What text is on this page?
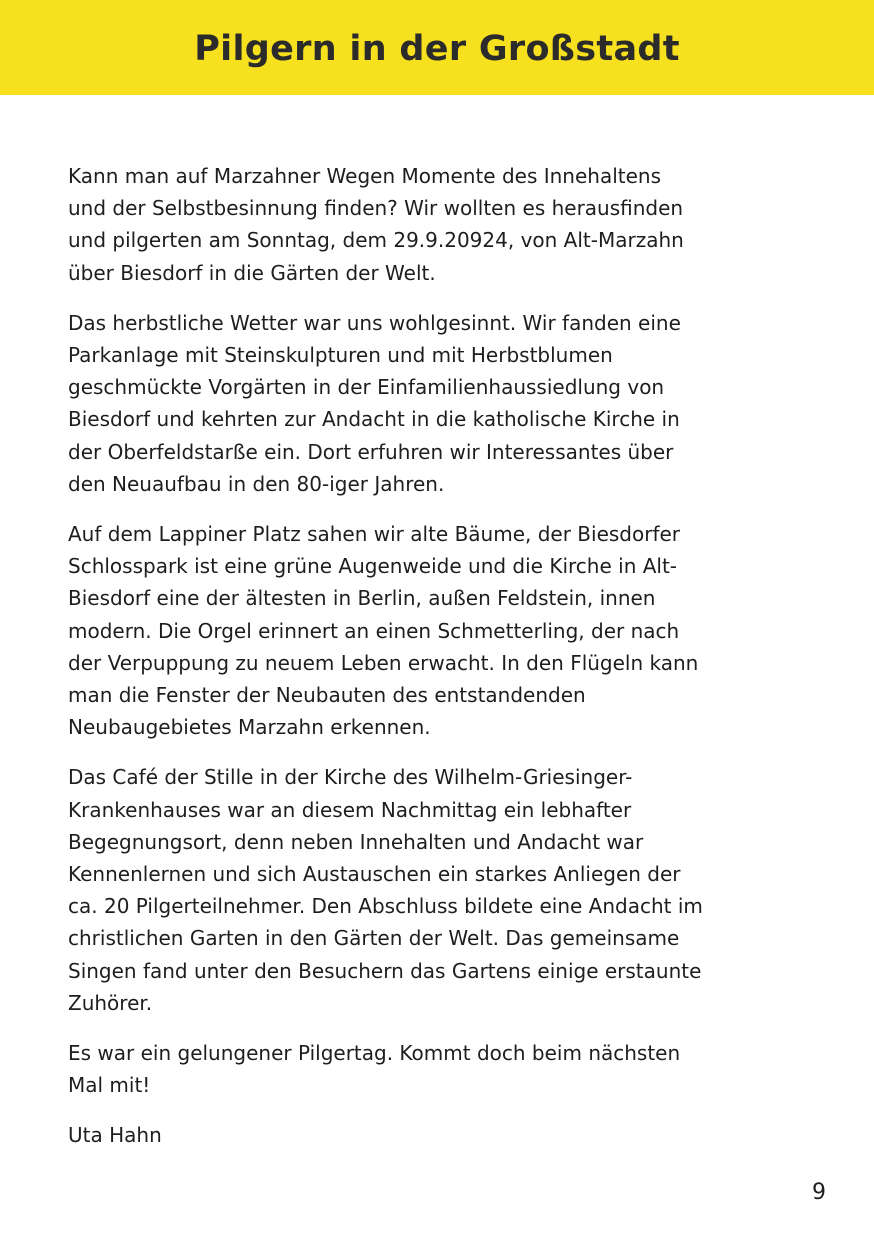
Pilgern in der Großstadt

Kann man auf Marzahner Wegen Momente des Innehaltens
und der Selbstbesinnung finden? Wir wollten es herausfinden
und pilgerten am Sonntag, dem 29.9.20924, von Alt-Marzahn
über Biesdorf in die Gärten der Welt.

Das herbstliche Wetter war uns wohlgesinnt. Wir fanden eine
Parkanlage mit Steinskulpturen und mit Herbstblumen
geschmückte Vorgärten in der Einfamilienhaussiedlung von
Biesdorf und kehrten zur Andacht in die katholische Kirche in
der Oberfeldstarße ein. Dort erfuhren wir Interessantes über
den Neuaufbau in den 80-iger Jahren.

Auf dem Lappiner Platz sahen wir alte Bäume, der Biesdorfer
Schlosspark ist eine grüne Augenweide und die Kirche in Alt-
Biesdorf eine der ältesten in Berlin, außen Feldstein, innen
modern. Die Orgel erinnert an einen Schmetterling, der nach
der Verpuppung zu neuem Leben erwacht. In den Flügeln kann
man die Fenster der Neubauten des entstandenden
Neubaugebietes Marzahn erkennen.

Das Café der Stille in der Kirche des Wilhelm-Griesinger-
Krankenhauses war an diesem Nachmittag ein lebhafter
Begegnungsort, denn neben Innehalten und Andacht war
Kennenlernen und sich Austauschen ein starkes Anliegen der
ca. 20 Pilgerteilnehmer. Den Abschluss bildete eine Andacht im
christlichen Garten in den Gärten der Welt. Das gemeinsame
Singen fand unter den Besuchern das Gartens einige erstaunte
Zuhörer.

Es war ein gelungener Pilgertag. Kommt doch beim nächsten
Mal mit!

Uta Hahn

9
